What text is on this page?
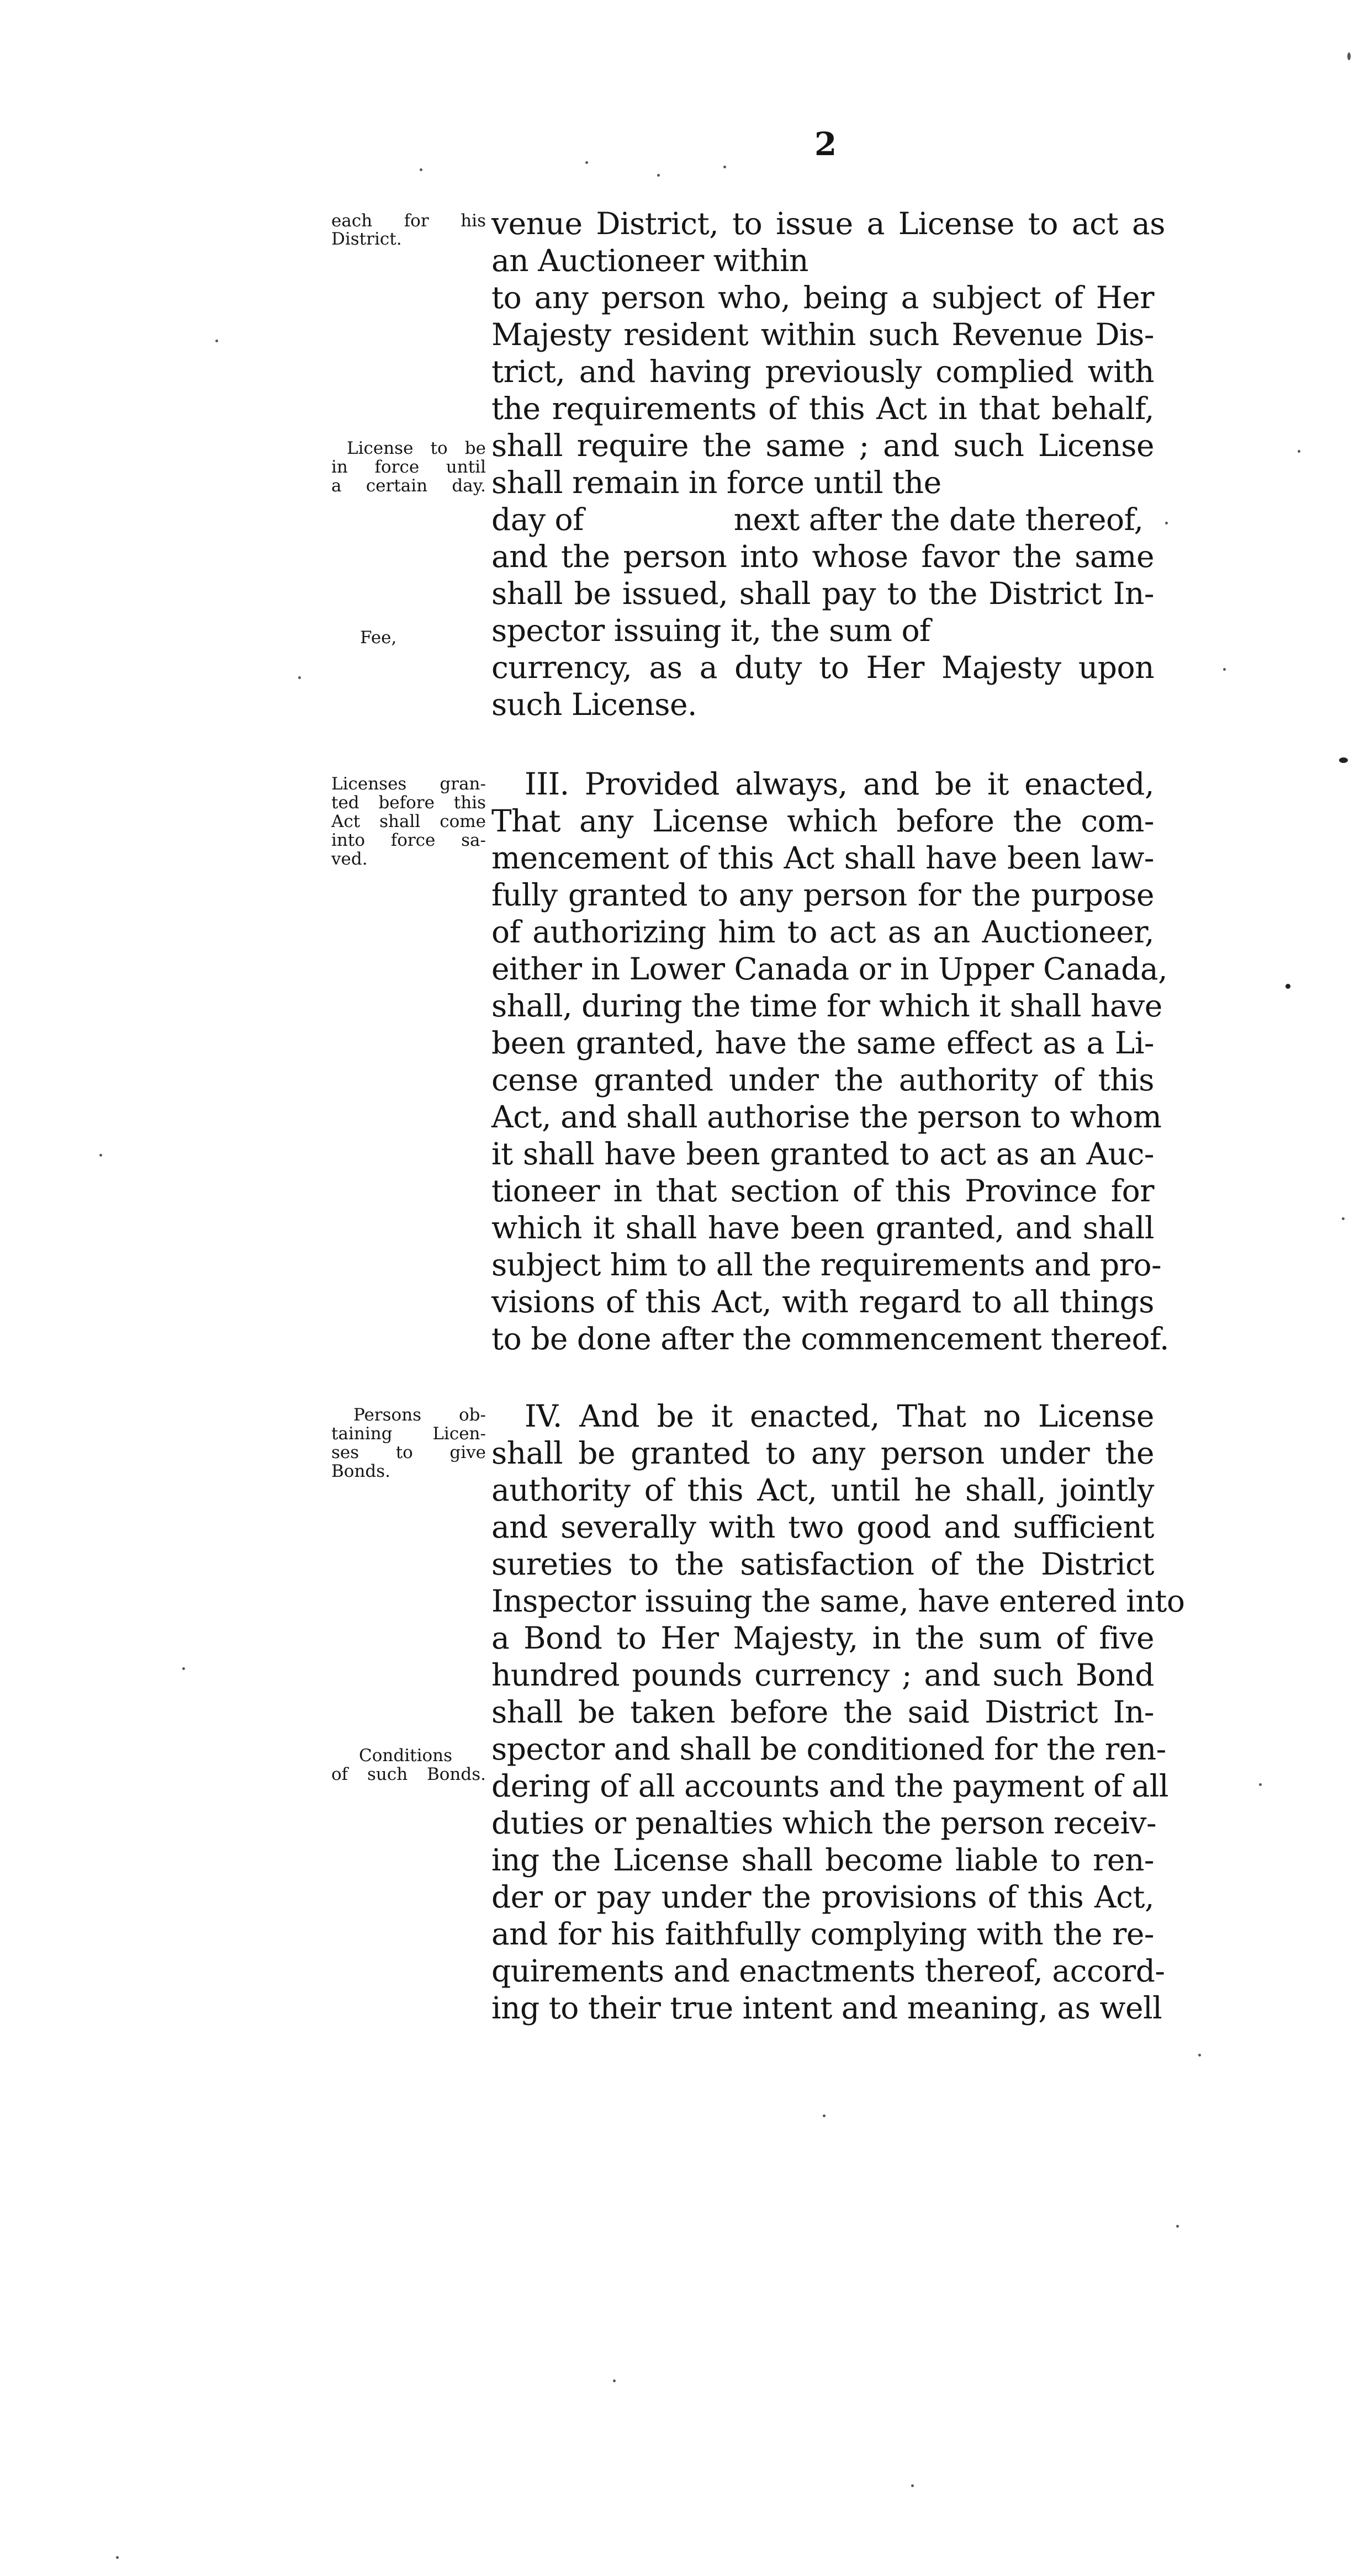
2
each for his
District.
License to be
in force until
a certain day.
Fee,
Licenses gran-
ted before this
Act shall come
into force sa-
ved.
Persons ob-
taining Licen-
ses to give
Bonds.
Conditions
of such Bonds.
venue District, to issue a License to act as
an Auctioneer within
to any person who, being a subject of Her
Majesty resident within such Revenue Dis-
trict, and having previously complied with
the requirements of this Act in that behalf,
shall require the same ; and such License
shall remain in force until the
day of                next after the date thereof,
and the person into whose favor the same
shall be issued, shall pay to the District In-
spector issuing it, the sum of
currency, as a duty to Her Majesty upon
such License.
III. Provided always, and be it enacted,
That any License which before the com-
mencement of this Act shall have been law-
fully granted to any person for the purpose
of authorizing him to act as an Auctioneer,
either in Lower Canada or in Upper Canada,
shall, during the time for which it shall have
been granted, have the same effect as a Li-
cense granted under the authority of this
Act, and shall authorise the person to whom
it shall have been granted to act as an Auc-
tioneer in that section of this Province for
which it shall have been granted, and shall
subject him to all the requirements and pro-
visions of this Act, with regard to all things
to be done after the commencement thereof.
IV. And be it enacted, That no License
shall be granted to any person under the
authority of this Act, until he shall, jointly
and severally with two good and sufficient
sureties to the satisfaction of the District
Inspector issuing the same, have entered into
a Bond to Her Majesty, in the sum of five
hundred pounds currency ; and such Bond
shall be taken before the said District In-
spector and shall be conditioned for the ren-
dering of all accounts and the payment of all
duties or penalties which the person receiv-
ing the License shall become liable to ren-
der or pay under the provisions of this Act,
and for his faithfully complying with the re-
quirements and enactments thereof, accord-
ing to their true intent and meaning, as well
